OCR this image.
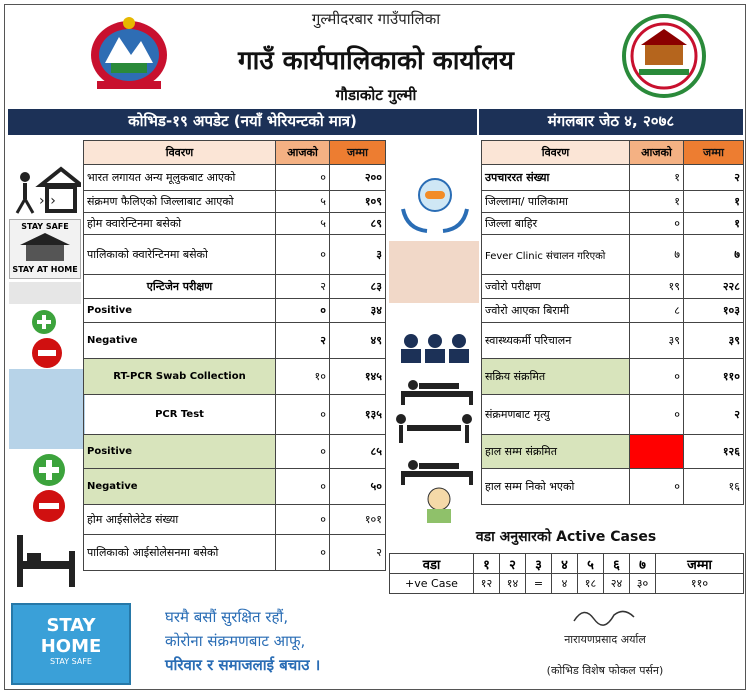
गुल्मीदरबार गाउँपालिका
गाउँ कार्यपालिकाको कार्यालय
गौडाकोट गुल्मी
कोभिड-१९ अपडेट (नयाँ भेरियन्टको मात्र)	मंगलबार जेठ ४, २०७८
›››
STAY SAFE
STAY AT HOME
विवरण	आजको	जम्मा
भारत लगायत अन्य मूलुकबाट आएको	०	२००
संक्रमण फैलिएको जिल्लाबाट आएको	५	१०९
होम क्वारेन्टिनमा बसेको	५	८९
पालिकाको क्वारेन्टिनमा बसेको	०	३
एन्टिजेन परीक्षण	२	८३
Positive	०	३४
Negative	२	४९
RT-PCR Swab Collection	१०	१४५
PCR Test	०	१३५
Positive	०	८५
Negative	०	५०
होम आईसोलेटेड संख्या	०	१०१
पालिकाको आईसोलेसनमा बसेको	०	२
विवरण	आजको	जम्मा
उपचाररत संख्या	१	२
जिल्लामा/ पालिकामा	१	१
जिल्ला बाहिर	०	१
Fever Clinic संचालन गरिएको	७	७
ज्वोरो परीक्षण	१९	२२८
ज्वोरो आएका बिरामी	८	१०३
स्वास्थ्यकर्मी परिचालन	३९	३९
सक्रिय संक्रमित	०	११०
संक्रमणबाट मृत्यु	०	२
हाल सम्म संक्रमित		१२६
हाल सम्म निको भएको	०	१६
वडा अनुसारको Active Cases
वडा	१	२	३	४	५	६	७	जम्मा
+ve Case	१२	१४	=	४	१८	२४	३०	११०
STAY
HOME
STAY SAFE
घरमै बसौं सुरक्षित रहौं,
कोरोना संक्रमणबाट आफू,
परिवार र समाजलाई बचाउ ।
नारायणप्रसाद अर्याल
(कोभिड विशेष फोकल पर्सन)
